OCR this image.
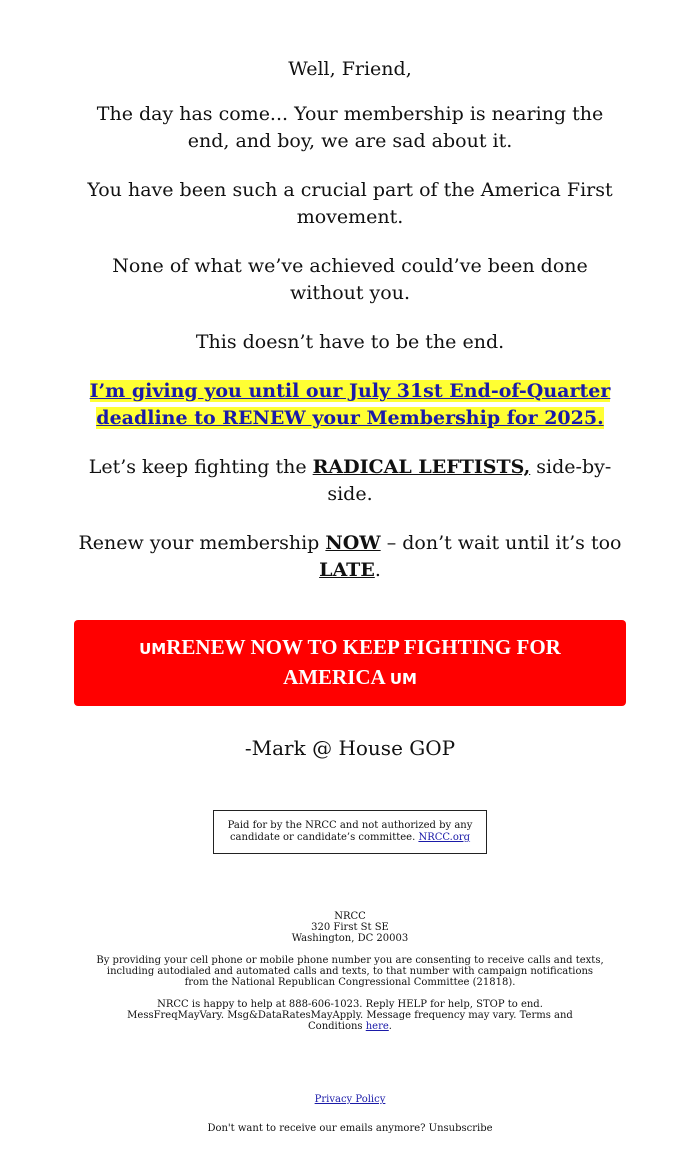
Well, Friend,

The day has come... Your membership is nearing the end, and boy, we are sad about it.

You have been such a crucial part of the America First movement.

None of what we’ve achieved could’ve been done without you.

This doesn’t have to be the end.

I’m giving you until our July 31st End-of-Quarter deadline to RENEW your Membership for 2025.

Let’s keep fighting the RADICAL LEFTISTS, side-by-side.

Renew your membership NOW – don’t wait until it’s too LATE.

UMRENEW NOW TO KEEP FIGHTING FOR AMERICA UM

-Mark @ House GOP

Paid for by the NRCC and not authorized by any candidate or candidate’s committee. NRCC.org
NRCC
320 First St SE
Washington, DC 20003
By providing your cell phone or mobile phone number you are consenting to receive calls and texts, including autodialed and automated calls and texts, to that number with campaign notifications from the National Republican Congressional Committee (21818).
NRCC is happy to help at 888-606-1023. Reply HELP for help, STOP to end. MessFreqMayVary. Msg&DataRatesMayApply. Message frequency may vary. Terms and Conditions here.
Privacy Policy
Don't want to receive our emails anymore? Unsubscribe
